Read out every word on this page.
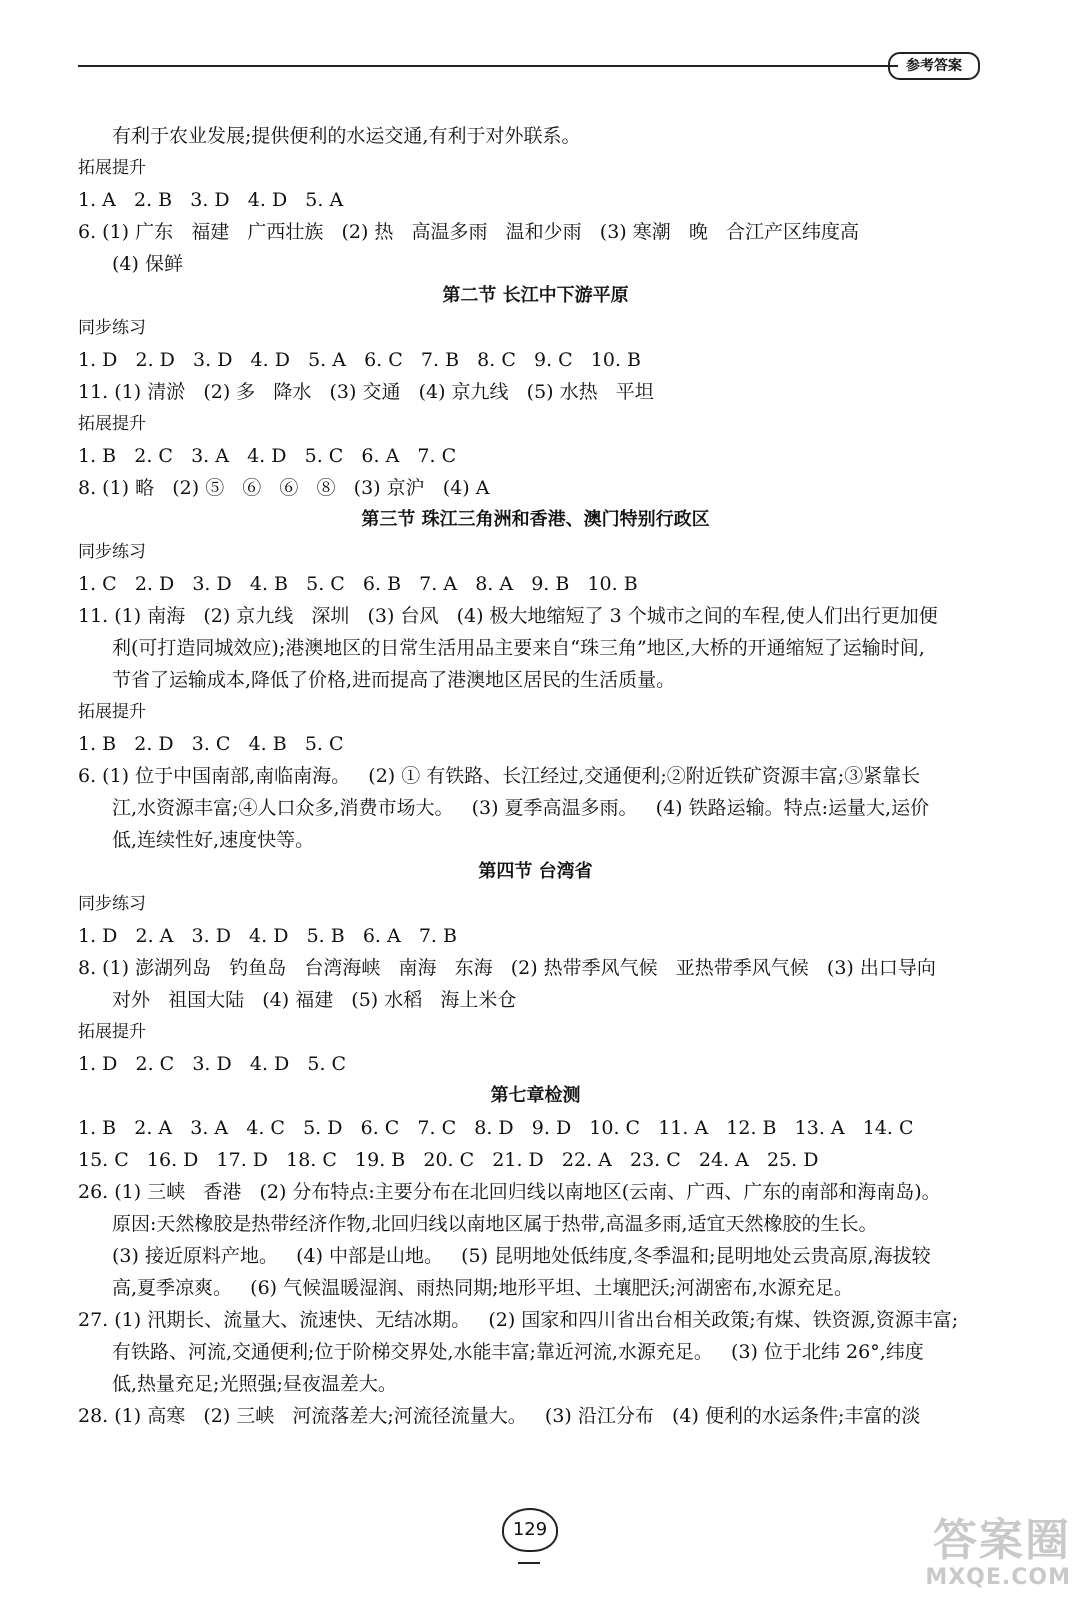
参考答案
有利于农业发展;提供便利的水运交通,有利于对外联系。
拓展提升
1. A   2. B   3. D   4. D   5. A
6. (1) 广东   福建   广西壮族   (2) 热   高温多雨   温和少雨   (3) 寒潮   晚   合江产区纬度高
(4) 保鲜
第二节 长江中下游平原
同步练习
1. D   2. D   3. D   4. D   5. A   6. C   7. B   8. C   9. C   10. B
11. (1) 清淤   (2) 多   降水   (3) 交通   (4) 京九线   (5) 水热   平坦
拓展提升
1. B   2. C   3. A   4. D   5. C   6. A   7. C
8. (1) 略   (2) ⑤   ⑥   ⑥   ⑧   (3) 京沪   (4) A
第三节 珠江三角洲和香港、澳门特别行政区
同步练习
1. C   2. D   3. D   4. B   5. C   6. B   7. A   8. A   9. B   10. B
11. (1) 南海   (2) 京九线   深圳   (3) 台风   (4) 极大地缩短了 3 个城市之间的车程,使人们出行更加便
利(可打造同城效应);港澳地区的日常生活用品主要来自“珠三角”地区,大桥的开通缩短了运输时间,
节省了运输成本,降低了价格,进而提高了港澳地区居民的生活质量。
拓展提升
1. B   2. D   3. C   4. B   5. C
6. (1) 位于中国南部,南临南海。   (2) ① 有铁路、长江经过,交通便利;②附近铁矿资源丰富;③紧靠长
江,水资源丰富;④人口众多,消费市场大。   (3) 夏季高温多雨。   (4) 铁路运输。特点:运量大,运价
低,连续性好,速度快等。
第四节 台湾省
同步练习
1. D   2. A   3. D   4. D   5. B   6. A   7. B
8. (1) 澎湖列岛   钓鱼岛   台湾海峡   南海   东海   (2) 热带季风气候   亚热带季风气候   (3) 出口导向
对外   祖国大陆   (4) 福建   (5) 水稻   海上米仓
拓展提升
1. D   2. C   3. D   4. D   5. C
第七章检测
1. B   2. A   3. A   4. C   5. D   6. C   7. C   8. D   9. D   10. C   11. A   12. B   13. A   14. C
15. C   16. D   17. D   18. C   19. B   20. C   21. D   22. A   23. C   24. A   25. D
26. (1) 三峡   香港   (2) 分布特点:主要分布在北回归线以南地区(云南、广西、广东的南部和海南岛)。
原因:天然橡胶是热带经济作物,北回归线以南地区属于热带,高温多雨,适宜天然橡胶的生长。
(3) 接近原料产地。   (4) 中部是山地。   (5) 昆明地处低纬度,冬季温和;昆明地处云贵高原,海拔较
高,夏季凉爽。   (6) 气候温暖湿润、雨热同期;地形平坦、土壤肥沃;河湖密布,水源充足。
27. (1) 汛期长、流量大、流速快、无结冰期。   (2) 国家和四川省出台相关政策;有煤、铁资源,资源丰富;
有铁路、河流,交通便利;位于阶梯交界处,水能丰富;靠近河流,水源充足。   (3) 位于北纬 26°,纬度
低,热量充足;光照强;昼夜温差大。
28. (1) 高寒   (2) 三峡   河流落差大;河流径流量大。   (3) 沿江分布   (4) 便利的水运条件;丰富的淡
129	答案圈
MXQE.COM
